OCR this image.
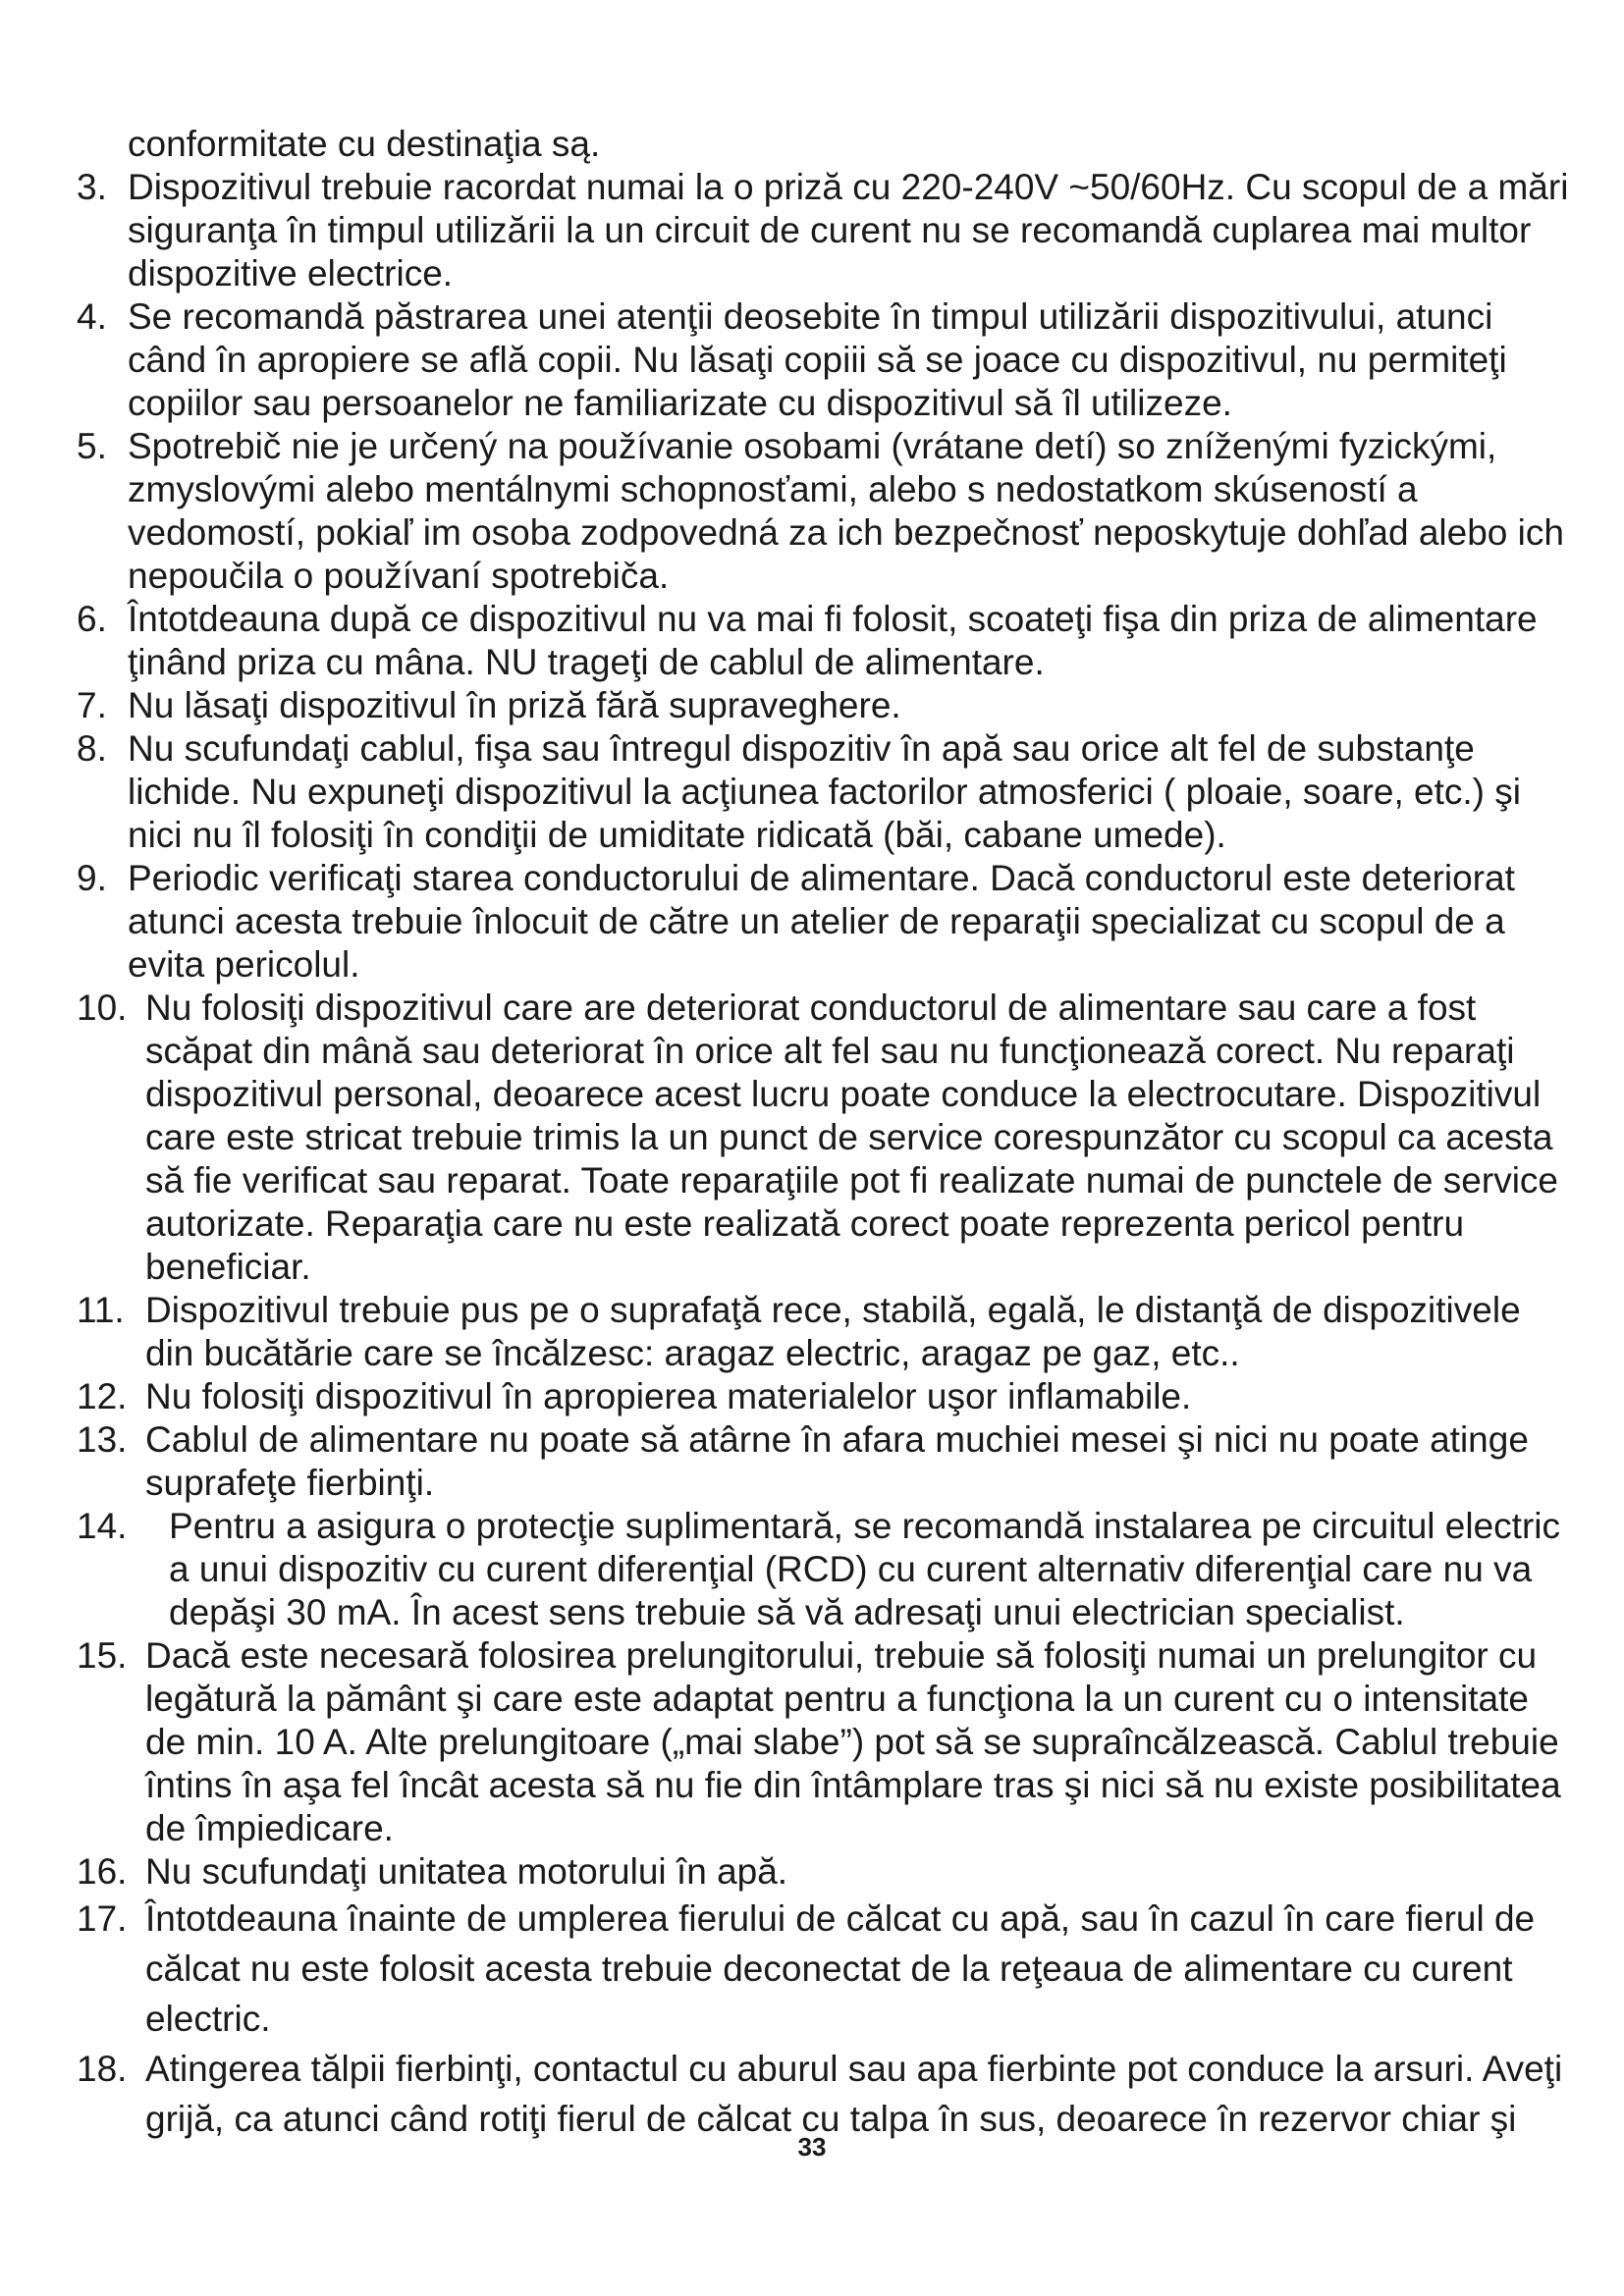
conformitate cu destinaţia są.

3. Dispozitivul trebuie racordat numai la o priză cu 220-240V ~50/60Hz. Cu scopul de a mări siguranţa în timpul utilizării la un circuit de curent nu se recomandă cuplarea mai multor dispozitive electrice.
4. Se recomandă păstrarea unei atenţii deosebite în timpul utilizării dispozitivului, atunci când în apropiere se află copii. Nu lăsaţi copiii să se joace cu dispozitivul, nu permiteţi copiilor sau persoanelor ne familiarizate cu dispozitivul să îl utilizeze.
5. Spotrebič nie je určený na používanie osobami (vrátane detí) so zníženými fyzickými, zmyslovými alebo mentálnymi schopnosťami, alebo s nedostatkom skúseností a vedomostí, pokiaľ im osoba zodpovedná za ich bezpečnosť neposkytuje dohľad alebo ich nepoučila o používaní spotrebiča.
6. Întotdeauna după ce dispozitivul nu va mai fi folosit, scoateţi fişa din priza de alimentare ţinând priza cu mâna. NU trageţi de cablul de alimentare.
7. Nu lăsaţi dispozitivul în priză fără supraveghere.
8. Nu scufundaţi cablul, fişa sau întregul dispozitiv în apă sau orice alt fel de substanţe lichide. Nu expuneţi dispozitivul la acţiunea factorilor atmosferici ( ploaie, soare, etc.) şi nici nu îl folosiţi în condiţii de umiditate ridicată (băi, cabane umede).
9. Periodic verificaţi starea conductorului de alimentare. Dacă conductorul este deteriorat atunci acesta trebuie înlocuit de către un atelier de reparaţii specializat cu scopul de a evita pericolul.
10. Nu folosiţi dispozitivul care are deteriorat conductorul de alimentare sau care a fost scăpat din mână sau deteriorat în orice alt fel sau nu funcţionează corect. Nu reparaţi dispozitivul personal, deoarece acest lucru poate conduce la electrocutare. Dispozitivul care este stricat trebuie trimis la un punct de service corespunzător cu scopul ca acesta să fie verificat sau reparat. Toate reparaţiile pot fi realizate numai de punctele de service autorizate. Reparaţia care nu este realizată corect poate reprezenta pericol pentru beneficiar.
11. Dispozitivul trebuie pus pe o suprafaţă rece, stabilă, egală, le distanţă de dispozitivele din bucătărie care se încălzesc: aragaz electric, aragaz pe gaz, etc..
12. Nu folosiţi dispozitivul în apropierea materialelor uşor inflamabile.
13. Cablul de alimentare nu poate să atârne în afara muchiei mesei şi nici nu poate atinge suprafeţe fierbinţi.
14.	Pentru a asigura o protecţie suplimentară, se recomandă instalarea pe circuitul electric a unui dispozitiv cu curent diferenţial (RCD) cu curent alternativ diferenţial care nu va depăşi 30 mA. În acest sens trebuie să vă adresaţi unui electrician specialist.
15. Dacă este necesară folosirea prelungitorului, trebuie să folosiţi numai un prelungitor cu legătură la pământ şi care este adaptat pentru a funcţiona la un curent cu o intensitate de min. 10 A. Alte prelungitoare („mai slabe”) pot să se supraîncălzească. Cablul trebuie întins în aşa fel încât acesta să nu fie din întâmplare tras şi nici să nu existe posibilitatea de împiedicare.
16. Nu scufundaţi unitatea motorului în apă.
17. Întotdeauna înainte de umplerea fierului de călcat cu apă, sau în cazul în care fierul de călcat nu este folosit acesta trebuie deconectat de la reţeaua de alimentare cu curent electric.
18. Atingerea tălpii fierbinţi, contactul cu aburul sau apa fierbinte pot conduce la arsuri. Aveţi grijă, ca atunci când rotiţi fierul de călcat cu talpa în sus, deoarece în rezervor chiar şi
33
